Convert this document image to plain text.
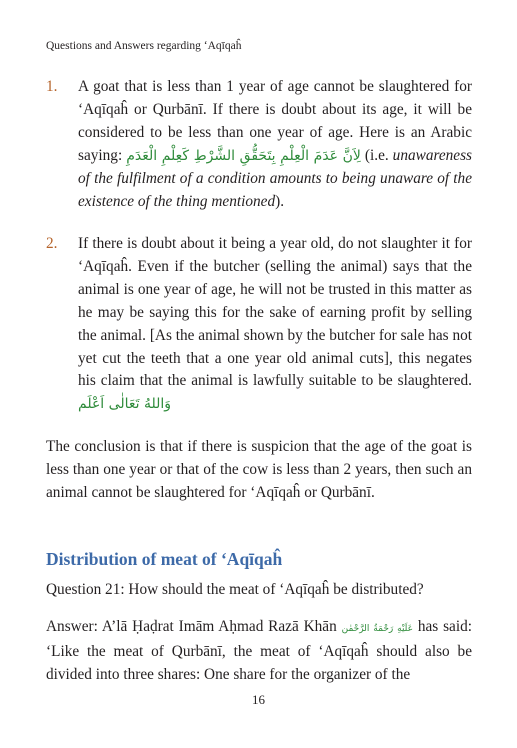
Questions and Answers regarding ‘Aqīqaĥ
1. A goat that is less than 1 year of age cannot be slaughtered for ‘Aqīqaĥ or Qurbānī. If there is doubt about its age, it will be considered to be less than one year of age. Here is an Arabic saying: لِاَنَّ عَدَمَ الْعِلْمِ بِتَحَقُّقِ الشَّرْطِ كَعِلْمِ الْعَدَمِ (i.e. unawareness of the fulfilment of a condition amounts to being unaware of the existence of the thing mentioned).
2. If there is doubt about it being a year old, do not slaughter it for ‘Aqīqaĥ. Even if the butcher (selling the animal) says that the animal is one year of age, he will not be trusted in this matter as he may be saying this for the sake of earning profit by selling the animal. [As the animal shown by the butcher for sale has not yet cut the teeth that a one year old animal cuts], this negates his claim that the animal is lawfully suitable to be slaughtered. وَاللهُ تَعَالٰى اَعْلَم

The conclusion is that if there is suspicion that the age of the goat is less than one year or that of the cow is less than 2 years, then such an animal cannot be slaughtered for ‘Aqīqaĥ or Qurbānī.

Distribution of meat of ‘Aqīqaĥ

Question 21: How should the meat of ‘Aqīqaĥ be distributed?

Answer: A’lā Ḥaḍrat Imām Aḥmad Razā Khān عَلَيْهِ رَحْمَةُ الرَّحْمٰن has said: ‘Like the meat of Qurbānī, the meat of ‘Aqīqaĥ should also be divided into three shares: One share for the organizer of the

16
